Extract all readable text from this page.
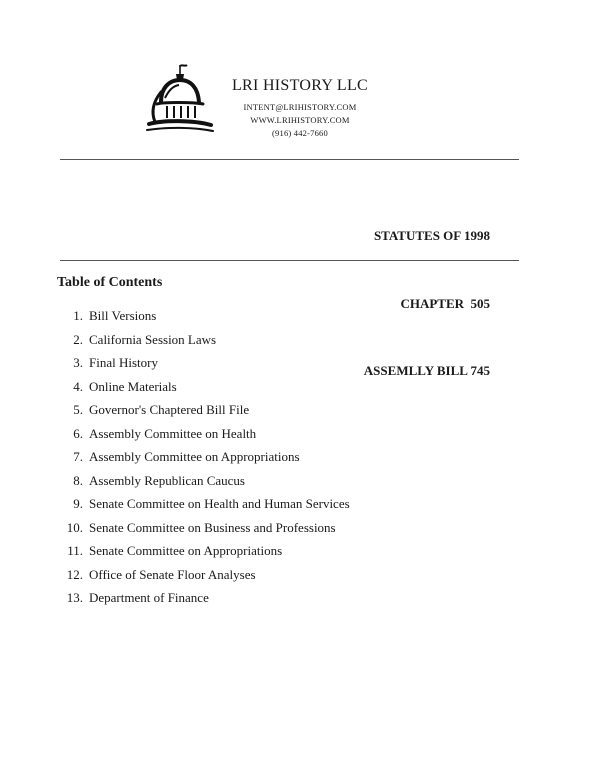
LRI HISTORY LLC
INTENT@LRIHISTORY.COM
WWW.LRIHISTORY.COM
(916) 442-7660

STATUTES OF 1998

CHAPTER  505

ASSEMLLY BILL 745

Table of Contents
1. Bill Versions
2. California Session Laws
3. Final History
4. Online Materials
5. Governor's Chaptered Bill File
6. Assembly Committee on Health
7. Assembly Committee on Appropriations
8. Assembly Republican Caucus
9. Senate Committee on Health and Human Services
10. Senate Committee on Business and Professions
11. Senate Committee on Appropriations
12. Office of Senate Floor Analyses
13. Department of Finance
